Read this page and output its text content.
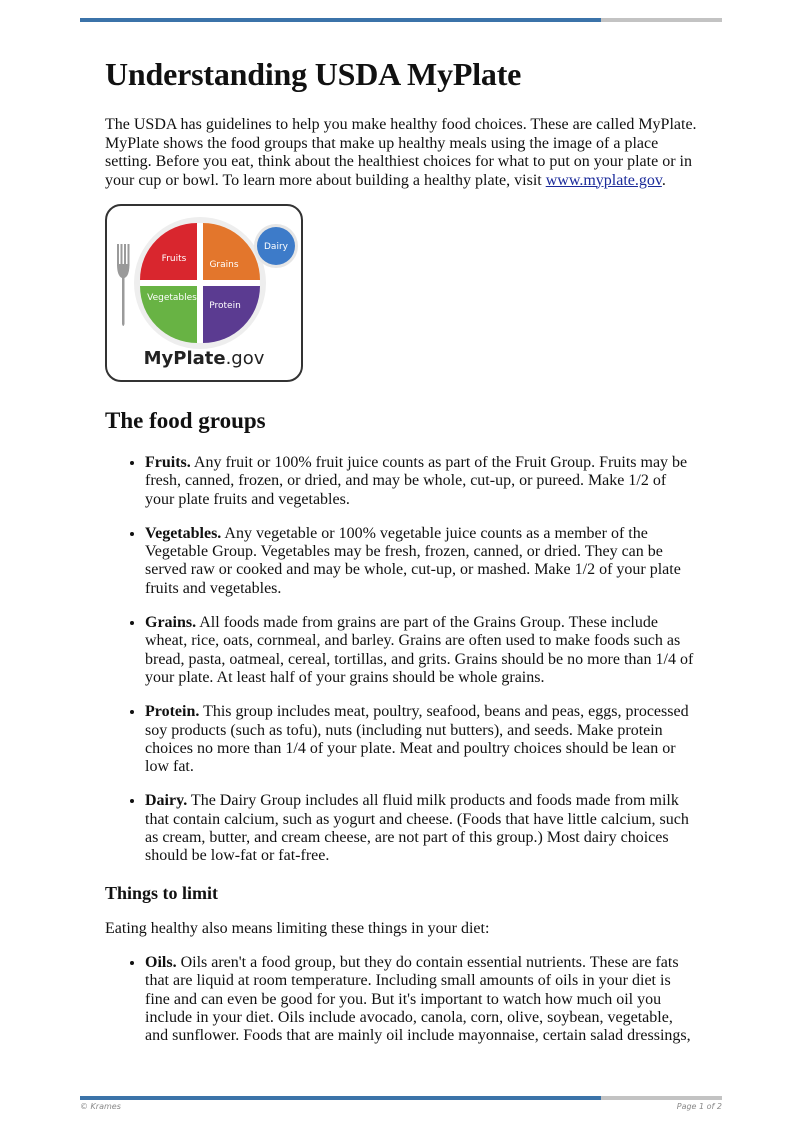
Understanding USDA MyPlate

The USDA has guidelines to help you make healthy food choices. These are called MyPlate. MyPlate shows the food groups that make up healthy meals using the image of a place setting. Before you eat, think about the healthiest choices for what to put on your plate or in your cup or bowl. To learn more about building a healthy plate, visit www.myplate.gov.

Fruits
Grains
Vegetables
Protein
Dairy
MyPlate.gov
The food groups
• Fruits. Any fruit or 100% fruit juice counts as part of the Fruit Group. Fruits may be fresh, canned, frozen, or dried, and may be whole, cut-up, or pureed. Make 1/2 of your plate fruits and vegetables.
• Vegetables. Any vegetable or 100% vegetable juice counts as a member of the Vegetable Group. Vegetables may be fresh, frozen, canned, or dried. They can be served raw or cooked and may be whole, cut-up, or mashed. Make 1/2 of your plate fruits and vegetables.
• Grains. All foods made from grains are part of the Grains Group. These include wheat, rice, oats, cornmeal, and barley. Grains are often used to make foods such as bread, pasta, oatmeal, cereal, tortillas, and grits. Grains should be no more than 1/4 of your plate. At least half of your grains should be whole grains.
• Protein. This group includes meat, poultry, seafood, beans and peas, eggs, processed soy products (such as tofu), nuts (including nut butters), and seeds. Make protein choices no more than 1/4 of your plate. Meat and poultry choices should be lean or low fat.
• Dairy. The Dairy Group includes all fluid milk products and foods made from milk that contain calcium, such as yogurt and cheese. (Foods that have little calcium, such as cream, butter, and cream cheese, are not part of this group.) Most dairy choices should be low-fat or fat-free.
Things to limit

Eating healthy also means limiting these things in your diet:

• Oils. Oils aren't a food group, but they do contain essential nutrients. These are fats that are liquid at room temperature. Including small amounts of oils in your diet is fine and can even be good for you. But it's important to watch how much oil you include in your diet. Oils include avocado, canola, corn, olive, soybean, vegetable, and sunflower. Foods that are mainly oil include mayonnaise, certain salad dressings,
© Krames	Page 1 of 2
